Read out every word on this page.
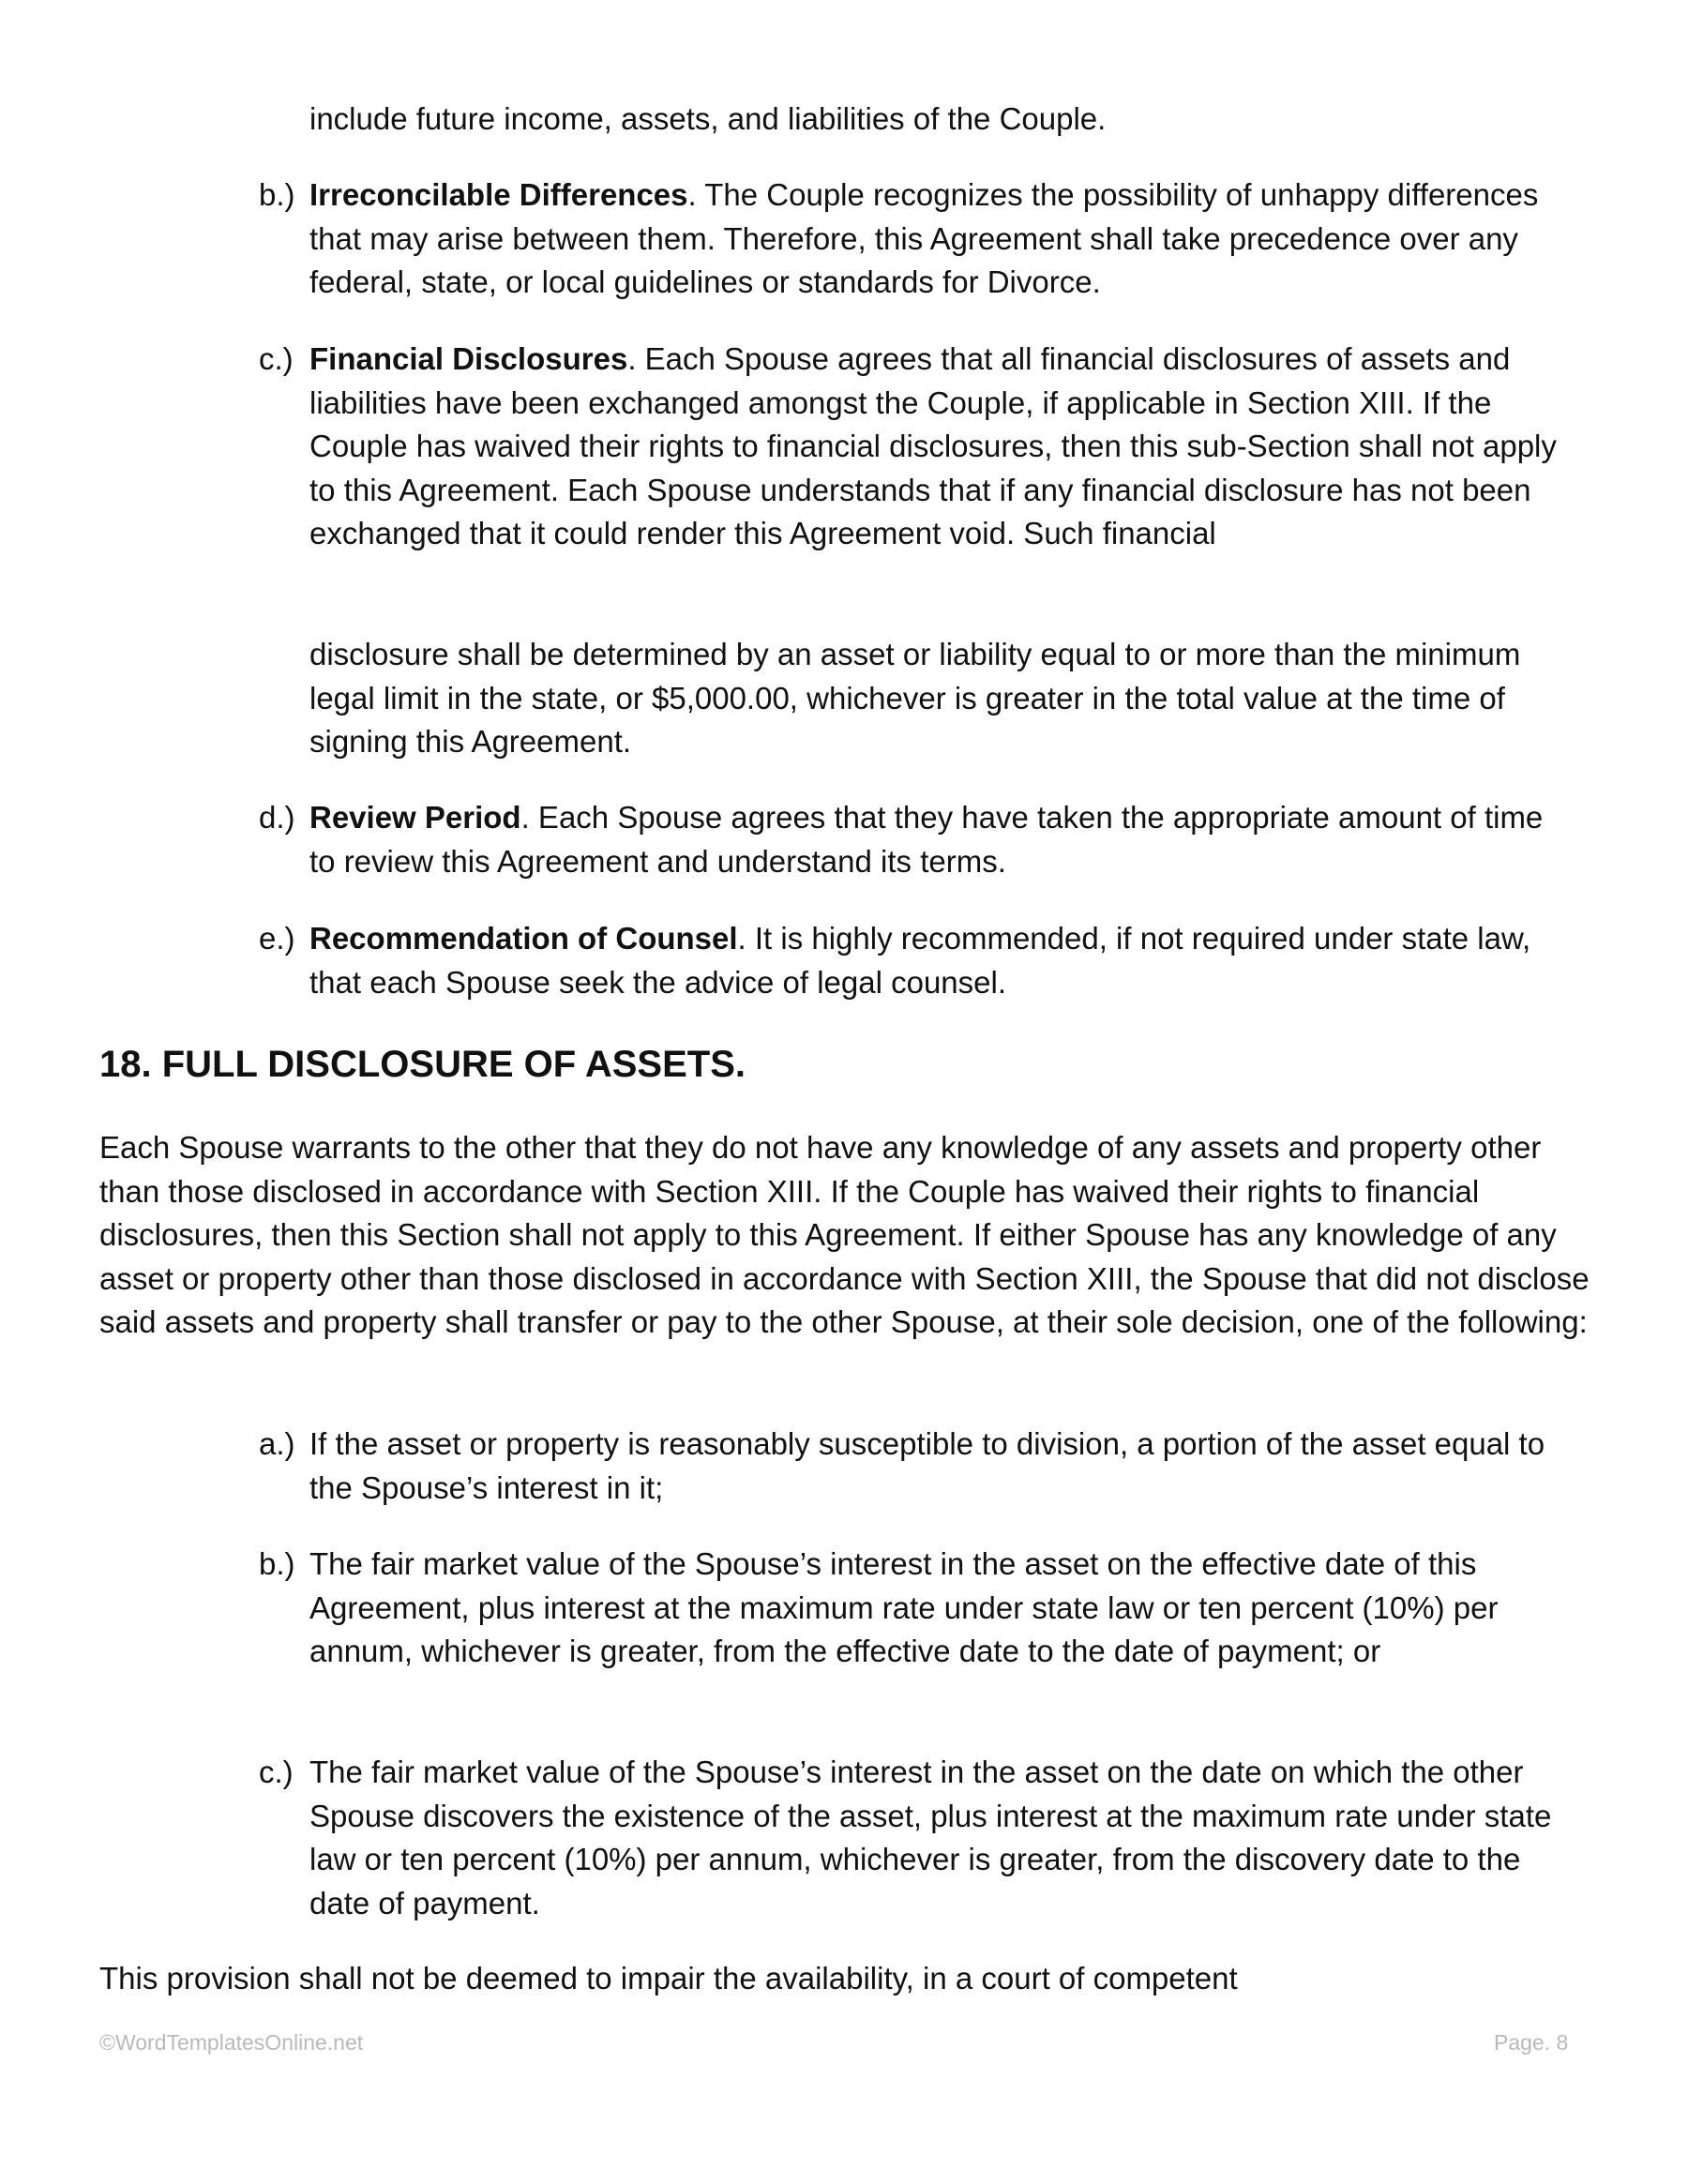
include future income, assets, and liabilities of the Couple.
b.) Irreconcilable Differences. The Couple recognizes the possibility of unhappy differences that may arise between them. Therefore, this Agreement shall take precedence over any federal, state, or local guidelines or standards for Divorce.
c.) Financial Disclosures. Each Spouse agrees that all financial disclosures of assets and liabilities have been exchanged amongst the Couple, if applicable in Section XIII. If the Couple has waived their rights to financial disclosures, then this sub-Section shall not apply to this Agreement. Each Spouse understands that if any financial disclosure has not been exchanged that it could render this Agreement void. Such financial
disclosure shall be determined by an asset or liability equal to or more than the minimum legal limit in the state, or $5,000.00, whichever is greater in the total value at the time of signing this Agreement.
d.) Review Period. Each Spouse agrees that they have taken the appropriate amount of time to review this Agreement and understand its terms.
e.) Recommendation of Counsel. It is highly recommended, if not required under state law, that each Spouse seek the advice of legal counsel.
18. FULL DISCLOSURE OF ASSETS.
Each Spouse warrants to the other that they do not have any knowledge of any assets and property other than those disclosed in accordance with Section XIII. If the Couple has waived their rights to financial disclosures, then this Section shall not apply to this Agreement. If either Spouse has any knowledge of any asset or property other than those disclosed in accordance with Section XIII, the Spouse that did not disclose said assets and property shall transfer or pay to the other Spouse, at their sole decision, one of the following:
a.) If the asset or property is reasonably susceptible to division, a portion of the asset equal to the Spouse’s interest in it;
b.) The fair market value of the Spouse’s interest in the asset on the effective date of this Agreement, plus interest at the maximum rate under state law or ten percent (10%) per annum, whichever is greater, from the effective date to the date of payment; or
c.) The fair market value of the Spouse’s interest in the asset on the date on which the other Spouse discovers the existence of the asset, plus interest at the maximum rate under state law or ten percent (10%) per annum, whichever is greater, from the discovery date to the date of payment.
This provision shall not be deemed to impair the availability, in a court of competent
©WordTemplatesOnline.net	Page. 8
